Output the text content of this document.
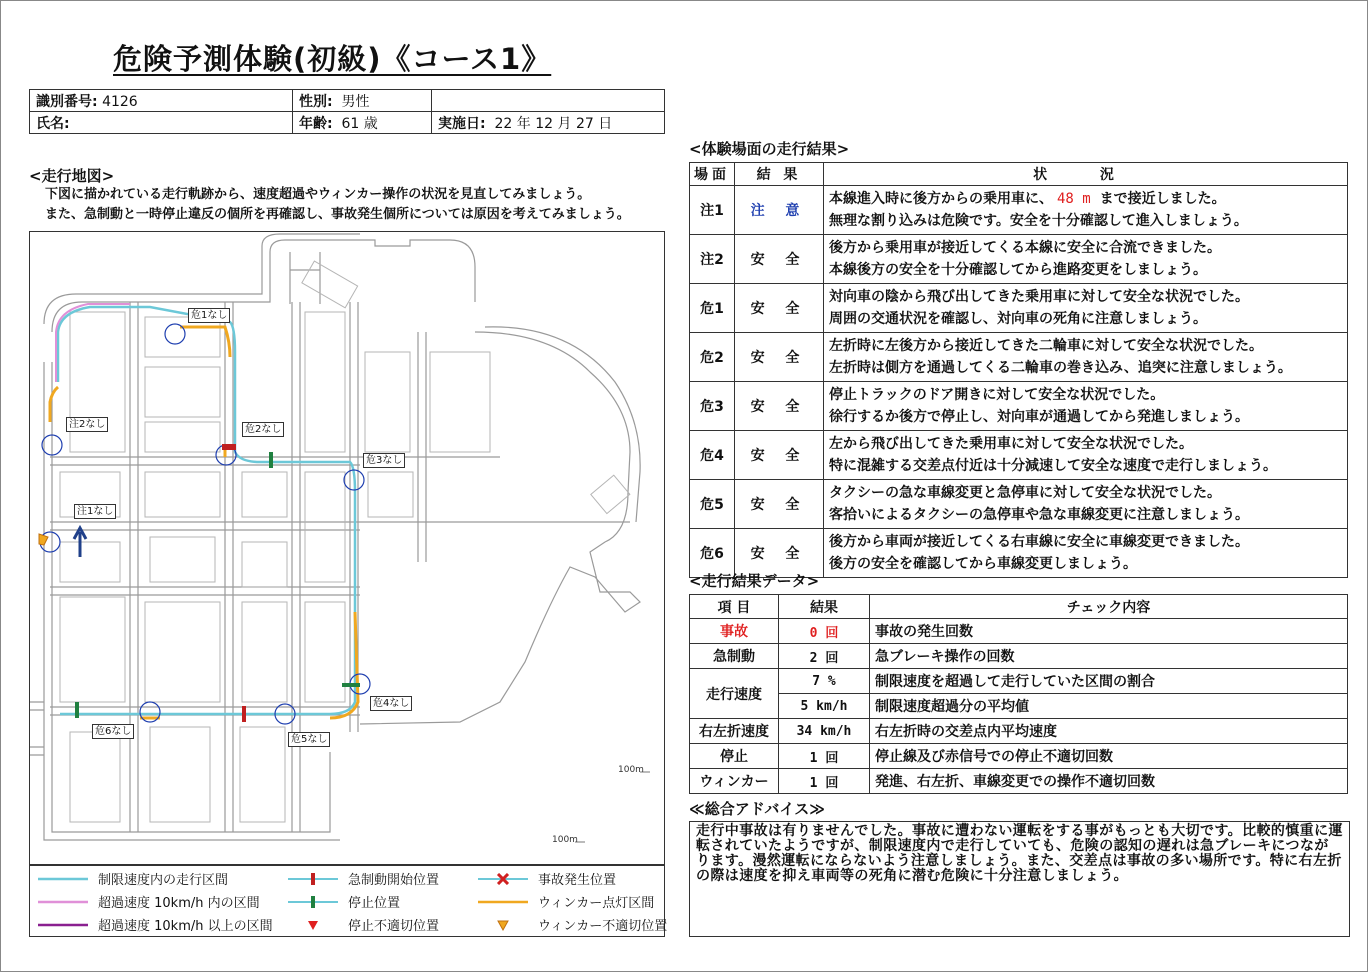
危険予測体験(初級)《コース1》
識別番号: 4126	性別: 男性	
氏名:	年齢: 61 歳	実施日: 22 年 12 月 27 日
<走行地図>
下図に描かれている走行軌跡から、速度超過やウィンカー操作の状況を見直してみましょう。
また、急制動と一時停止違反の個所を再確認し、事故発生個所については原因を考えてみましょう。
危1なし
注2なし	危2なし
危3なし
注1なし
危4なし
危6なし
危5なし
100m
100m
制限速度内の走行区間
超過速度 10km/h 内の区間
超過速度 10km/h 以上の区間
急制動開始位置
停止位置
停止不適切位置
事故発生位置
ウィンカー点灯区間
ウィンカー不適切位置
<体験場面の走行結果>
場面	結 果	状 況
注1	注 意	本線進入時に後方からの乗用車に、 48 m まで接近しました。
無理な割り込みは危険です。安全を十分確認して進入しましょう。

注2	安 全	後方から乗用車が接近してくる本線に安全に合流できました。
本線後方の安全を十分確認してから進路変更をしましょう。

危1	安 全	対向車の陰から飛び出してきた乗用車に対して安全な状況でした。
周囲の交通状況を確認し、対向車の死角に注意しましょう。

危2	安 全	左折時に左後方から接近してきた二輪車に対して安全な状況でした。
左折時は側方を通過してくる二輪車の巻き込み、追突に注意しましょう。

危3	安 全	停止トラックのドア開きに対して安全な状況でした。
徐行するか後方で停止し、対向車が通過してから発進しましょう。

危4	安 全	左から飛び出してきた乗用車に対して安全な状況でした。
特に混雑する交差点付近は十分減速して安全な速度で走行しましょう。

危5	安 全	タクシーの急な車線変更と急停車に対して安全な状況でした。
客拾いによるタクシーの急停車や急な車線変更に注意しましょう。

危6	安 全	後方から車両が接近してくる右車線に安全に車線変更できました。
後方の安全を確認してから車線変更しましょう。
<走行結果データ>
項 目	結果	チェック内容
事故	0 回	事故の発生回数
急制動	2 回	急ブレーキ操作の回数
走行速度	7 %	制限速度を超過して走行していた区間の割合
	5 km/h	制限速度超過分の平均値
右左折速度	34 km/h	右左折時の交差点内平均速度
停止	1 回	停止線及び赤信号での停止不適切回数
ウィンカー	1 回	発進、右左折、車線変更での操作不適切回数
≪総合アドバイス≫
走行中事故は有りませんでした。事故に遭わない運転をする事がもっとも大切です。比較的慎重に運転されていたようですが、制限速度内で走行していても、危険の認知の遅れは急ブレーキにつながります。漫然運転にならないよう注意しましょう。また、交差点は事故の多い場所です。特に右左折の際は速度を抑え車両等の死角に潜む危険に十分注意しましょう。
